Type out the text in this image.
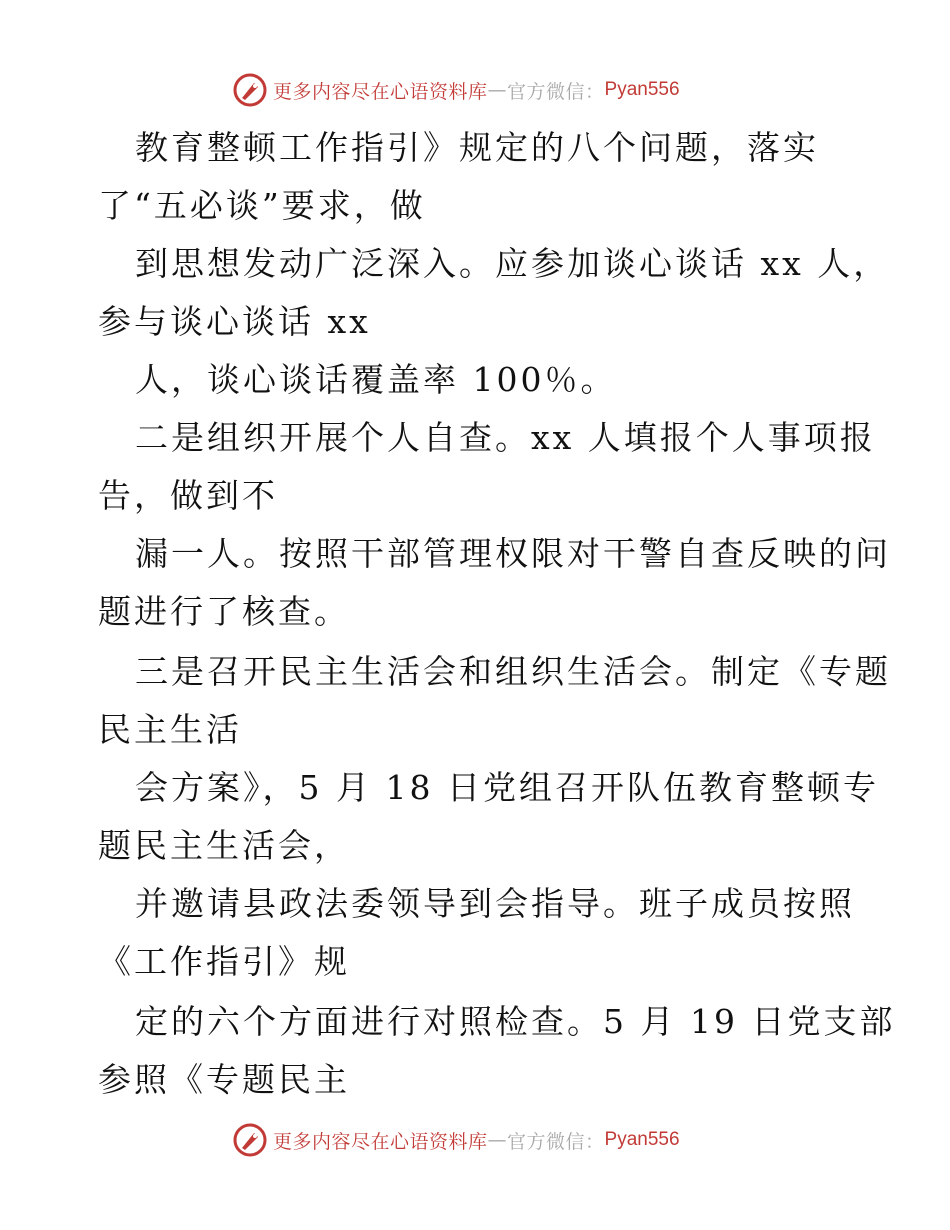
更多内容尽在心语资料库 — 官方微信： Pyan556
教育整顿工作指引》规定的八个问题，落实
了“五必谈”要求，做
到思想发动广泛深入。应参加谈心谈话 xx 人，
参与谈心谈话 xx
人，谈心谈话覆盖率 100％。
二是组织开展个人自查。xx 人填报个人事项报
告，做到不
漏一人。按照干部管理权限对干警自查反映的问
题进行了核查。
三是召开民主生活会和组织生活会。制定《专题
民主生活
会方案》，5 月 18 日党组召开队伍教育整顿专
题民主生活会，
并邀请县政法委领导到会指导。班子成员按照
《工作指引》规
定的六个方面进行对照检查。5 月 19 日党支部
参照《专题民主
更多内容尽在心语资料库 — 官方微信： Pyan556
